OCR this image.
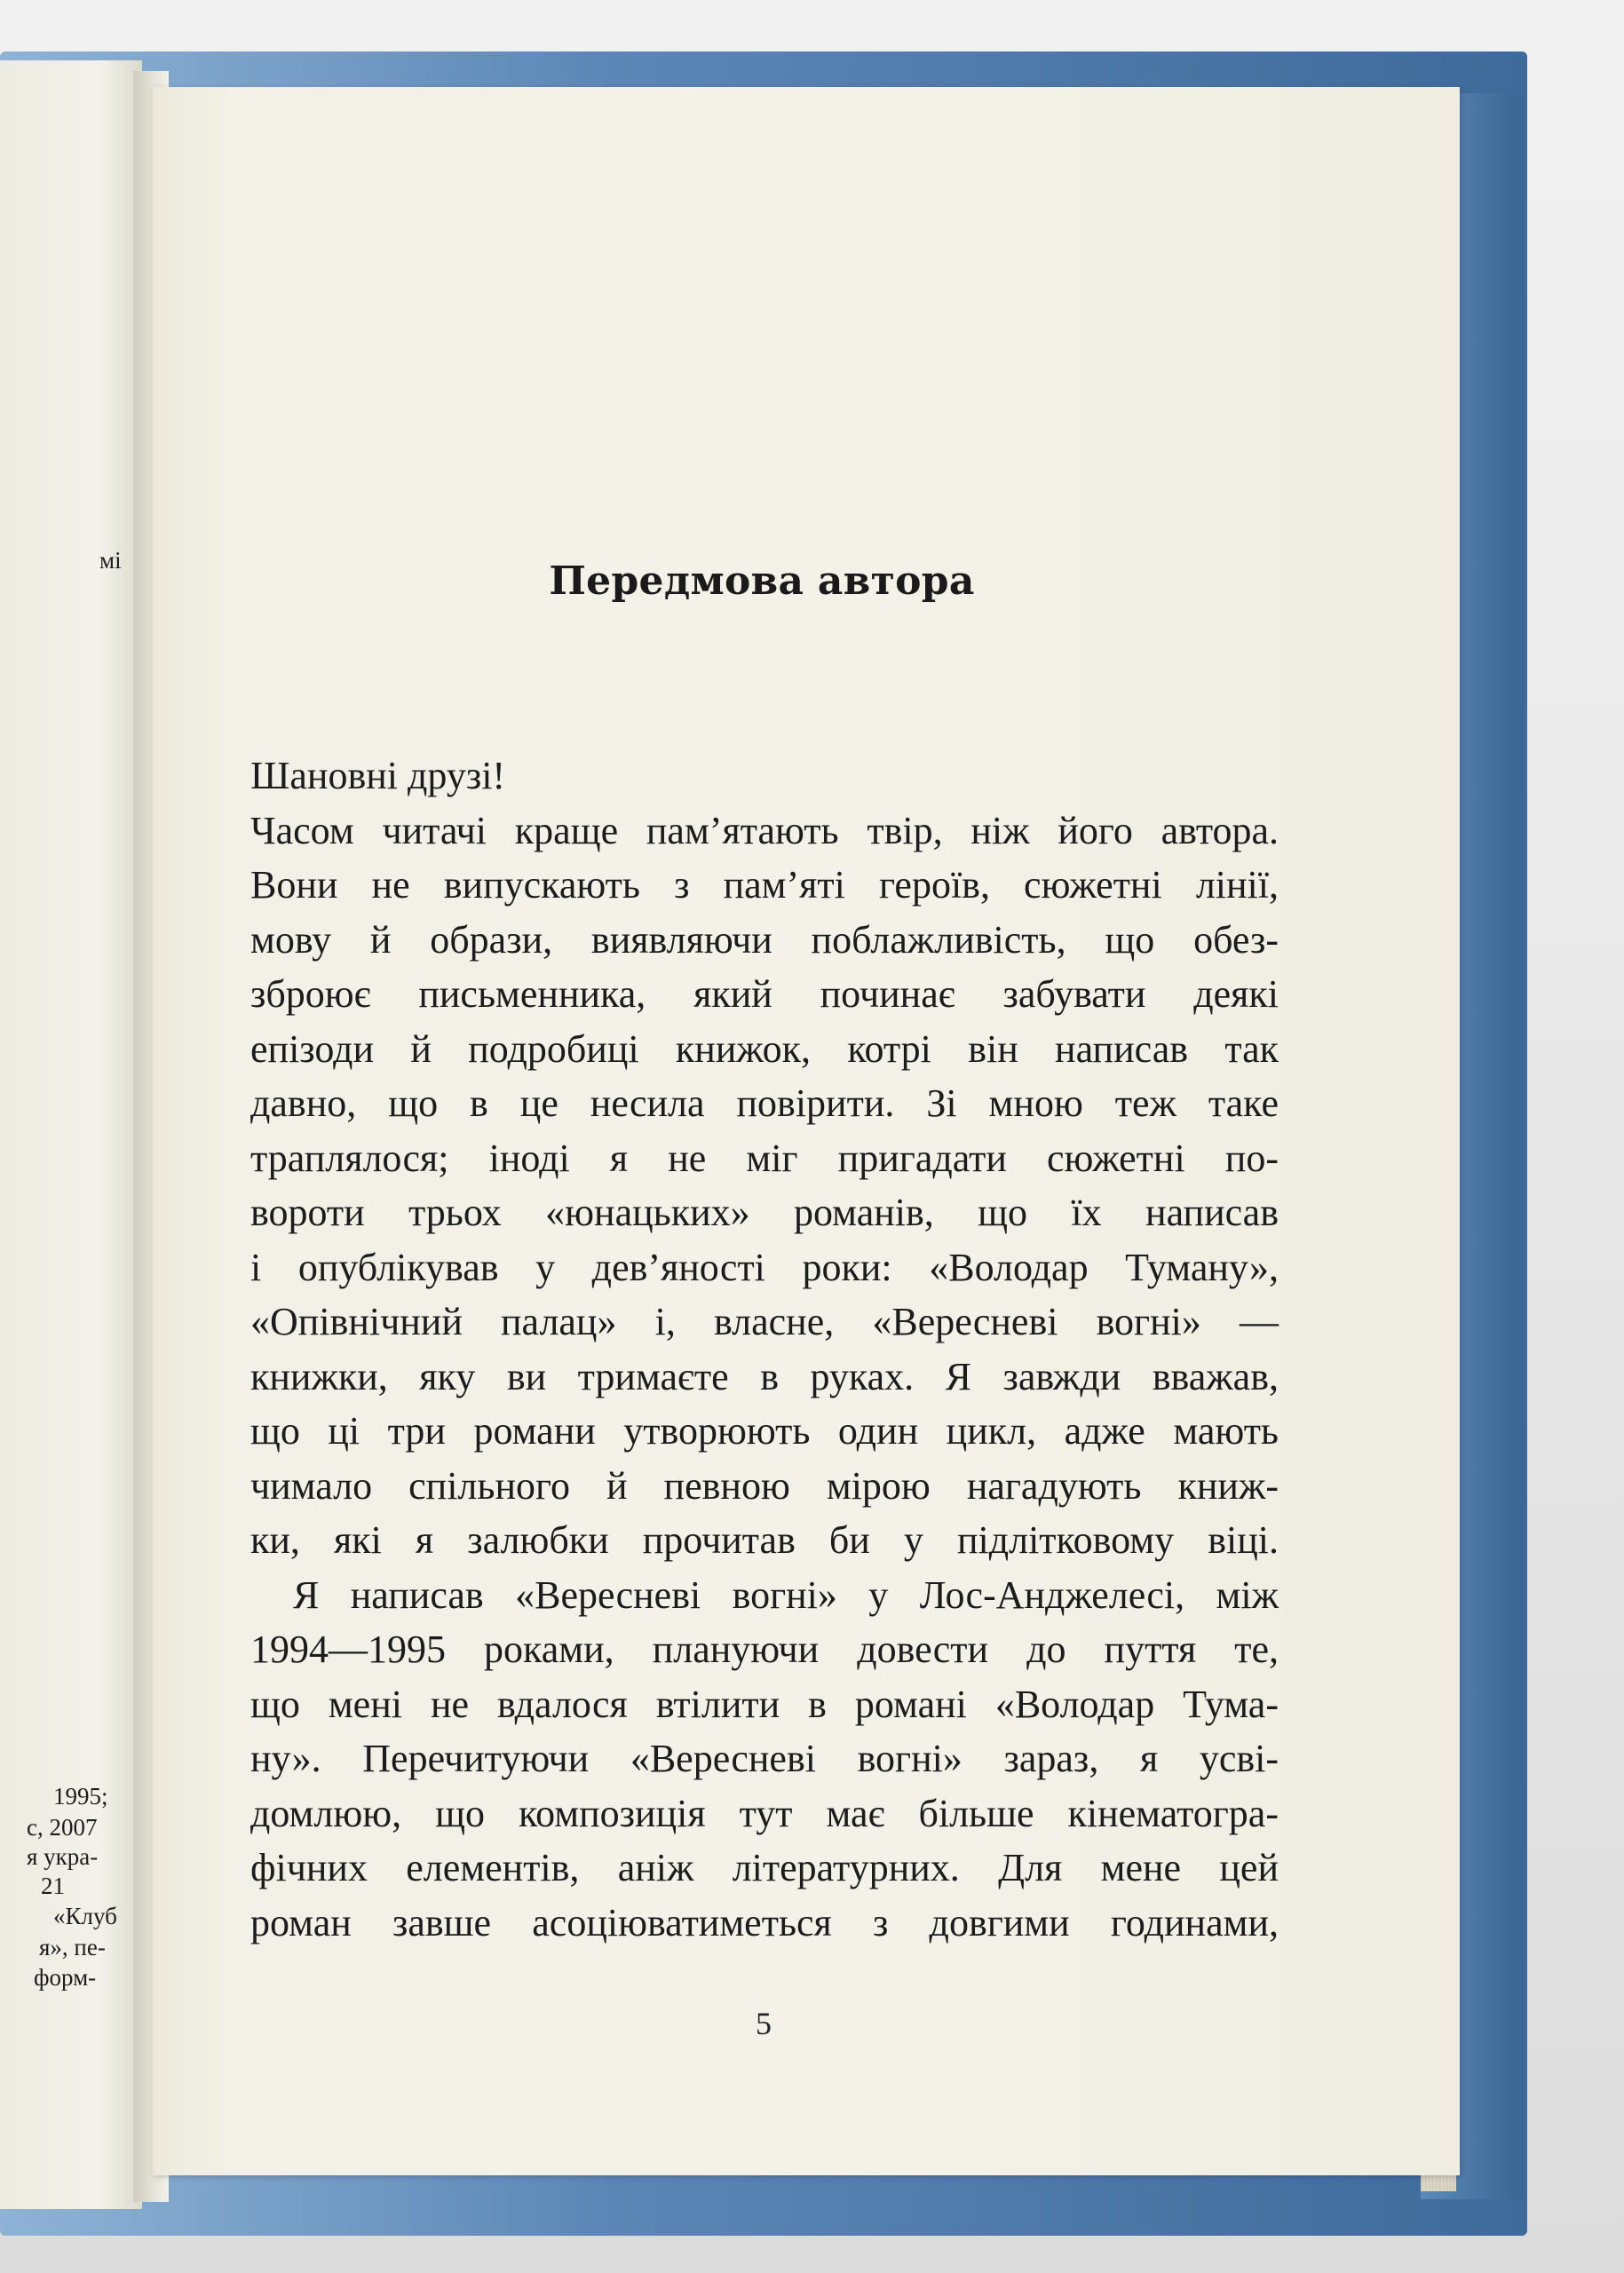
мі
1995;
с, 2007
я укра-
21
«Клуб
я», пе-
форм-
Передмова автора
Шановні друзі!
Часом читачі краще пам’ятають твір, ніж його автора.
Вони не випускають з пам’яті героїв, сюжетні лінії,
мову й образи, виявляючи поблажливість, що обез-
зброює письменника, який починає забувати деякі
епізоди й подробиці книжок, котрі він написав так
давно, що в це несила повірити. Зі мною теж таке
траплялося; іноді я не міг пригадати сюжетні по-
вороти трьох «юнацьких» романів, що їх написав
і опублікував у дев’яності роки: «Володар Туману»,
«Опівнічний палац» і, власне, «Вересневі вогні» —
книжки, яку ви тримаєте в руках. Я завжди вважав,
що ці три романи утворюють один цикл, адже мають
чимало спільного й певною мірою нагадують книж-
ки, які я залюбки прочитав би у підлітковому віці.
Я написав «Вересневі вогні» у Лос-Анджелесі, між
1994—1995 роками, плануючи довести до пуття те,
що мені не вдалося втілити в романі «Володар Тума-
ну». Перечитуючи «Вересневі вогні» зараз, я усві-
домлюю, що композиція тут має більше кінематогра-
фічних елементів, аніж літературних. Для мене цей
роман завше асоціюватиметься з довгими годинами,
5
